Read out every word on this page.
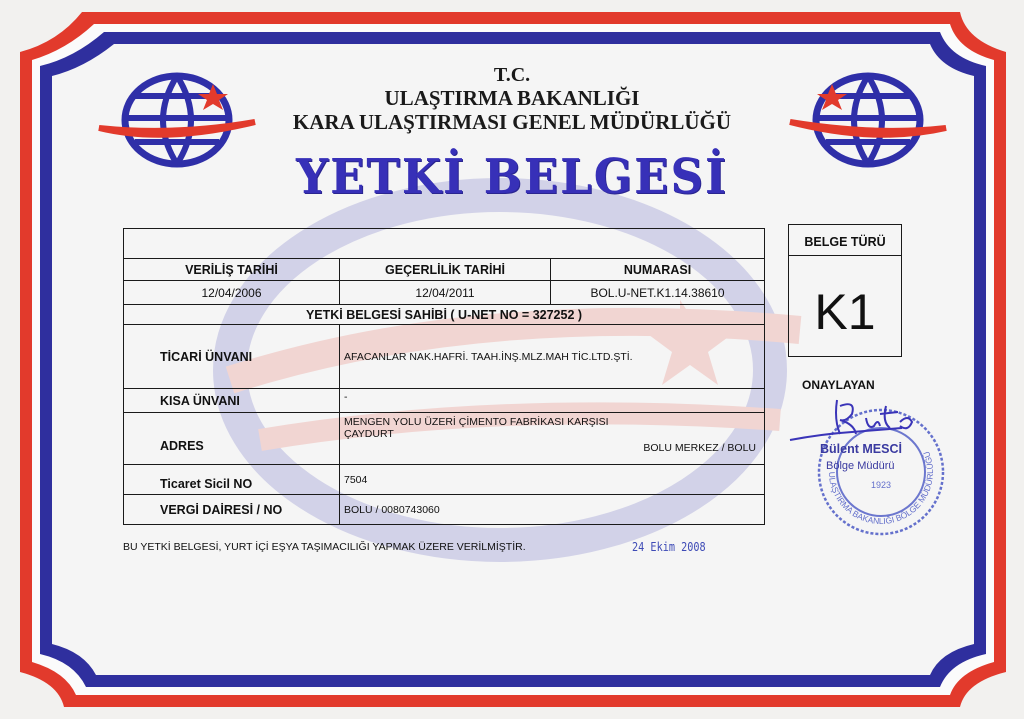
T.C.
ULAŞTIRMA BAKANLIĞI
KARA ULAŞTIRMASI GENEL MÜDÜRLÜĞÜ
YETKİ BELGESİ

VERİLİŞ TARİHİ	GEÇERLİLİK TARİHİ	NUMARASI
12/04/2006	12/04/2011	BOL.U-NET.K1.14.38610
YETKİ BELGESİ SAHİBİ ( U-NET NO = 327252 )		
TİCARİ ÜNVANI	AFACANLAR NAK.HAFRİ. TAAH.İNŞ.MLZ.MAH TİC.LTD.ŞTİ.	
KISA ÜNVANI	-	
ADRES	MENGEN YOLU ÜZERİ ÇİMENTO FABRİKASI KARŞISI
ÇAYDURT
BOLU MERKEZ / BOLU	

Ticaret Sicil NO	7504	
VERGİ DAİRESİ / NO	BOLU / 0080743060	
BELGE TÜRÜ
K1
ONAYLAYAN
ULAŞTIRMA BAKANLIĞI BÖLGE MÜDÜRLÜĞÜ
1923
Bülent MESCİ
Bölge Müdürü
BU YETKİ BELGESİ, YURT İÇİ EŞYA TAŞIMACILIĞI YAPMAK ÜZERE VERİLMİŞTİR.	24 Ekim 2008
